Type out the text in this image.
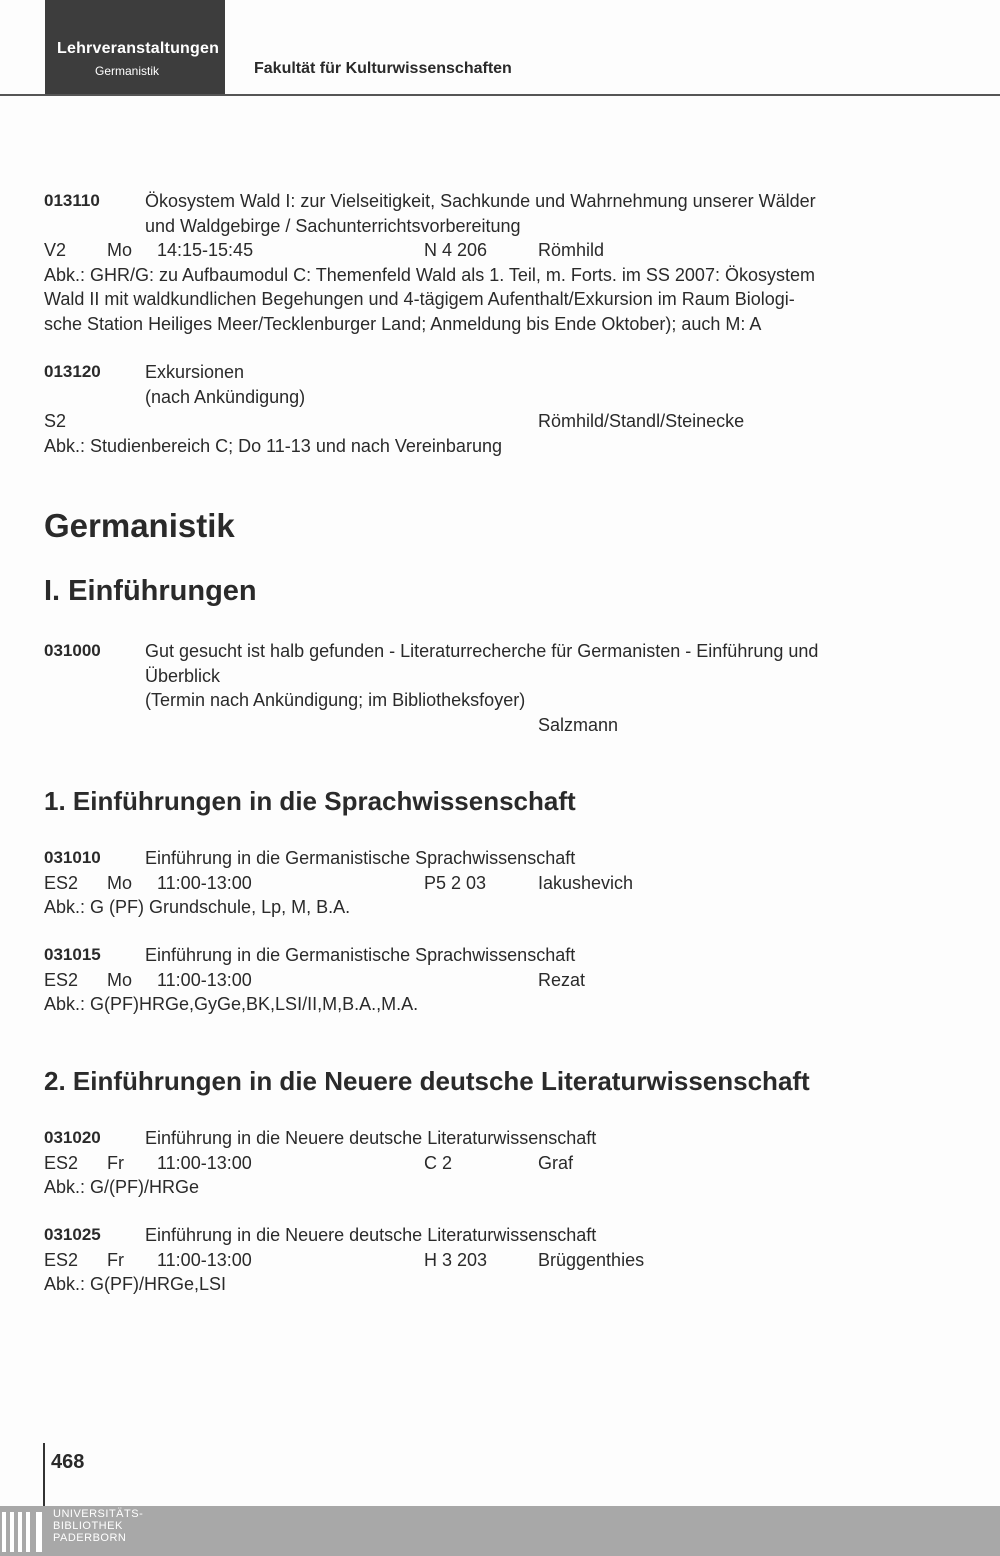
Lehrveranstaltungen
Germanistik	Fakultät für Kulturwissenschaften
013110	Ökosystem Wald I: zur Vielseitigkeit, Sachkunde und Wahrnehmung unserer Wälder
und Waldgebirge / Sachunterrichtsvorbereitung
V2 Mo 14:15-15:45	N 4 206	Römhild
Abk.: GHR/G: zu Aufbaumodul C: Themenfeld Wald als 1. Teil, m. Forts. im SS 2007: Ökosystem
Wald II mit waldkundlichen Begehungen und 4-tägigem Aufenthalt/Exkursion im Raum Biologi-
sche Station Heiliges Meer/Tecklenburger Land; Anmeldung bis Ende Oktober); auch M: A
013120 Exkursionen
(nach Ankündigung)
S2	Römhild/Standl/Steinecke
Abk.: Studienbereich C; Do 11-13 und nach Vereinbarung
Germanistik
I. Einführungen
031000 Gut gesucht ist halb gefunden - Literaturrecherche für Germanisten - Einführung und
Überblick
(Termin nach Ankündigung; im Bibliotheksfoyer)
Salzmann
1. Einführungen in die Sprachwissenschaft
031010 Einführung in die Germanistische Sprachwissenschaft
ES2 Mo 11:00-13:00	P5 2 03	Iakushevich
Abk.: G (PF) Grundschule, Lp, M, B.A.
031015 Einführung in die Germanistische Sprachwissenschaft
ES2 Mo 11:00-13:00	Rezat
Abk.: G(PF)HRGe,GyGe,BK,LSI/II,M,B.A.,M.A.
2. Einführungen in die Neuere deutsche Literaturwissenschaft
031020 Einführung in die Neuere deutsche Literaturwissenschaft
ES2 Fr 11:00-13:00	C 2	Graf
Abk.: G/(PF)/HRGe
031025 Einführung in die Neuere deutsche Literaturwissenschaft
ES2 Fr 11:00-13:00	H 3 203	Brüggenthies
Abk.: G(PF)/HRGe,LSI
468
UNIVERSITÄTS-
BIBLIOTHEK
PADERBORN
